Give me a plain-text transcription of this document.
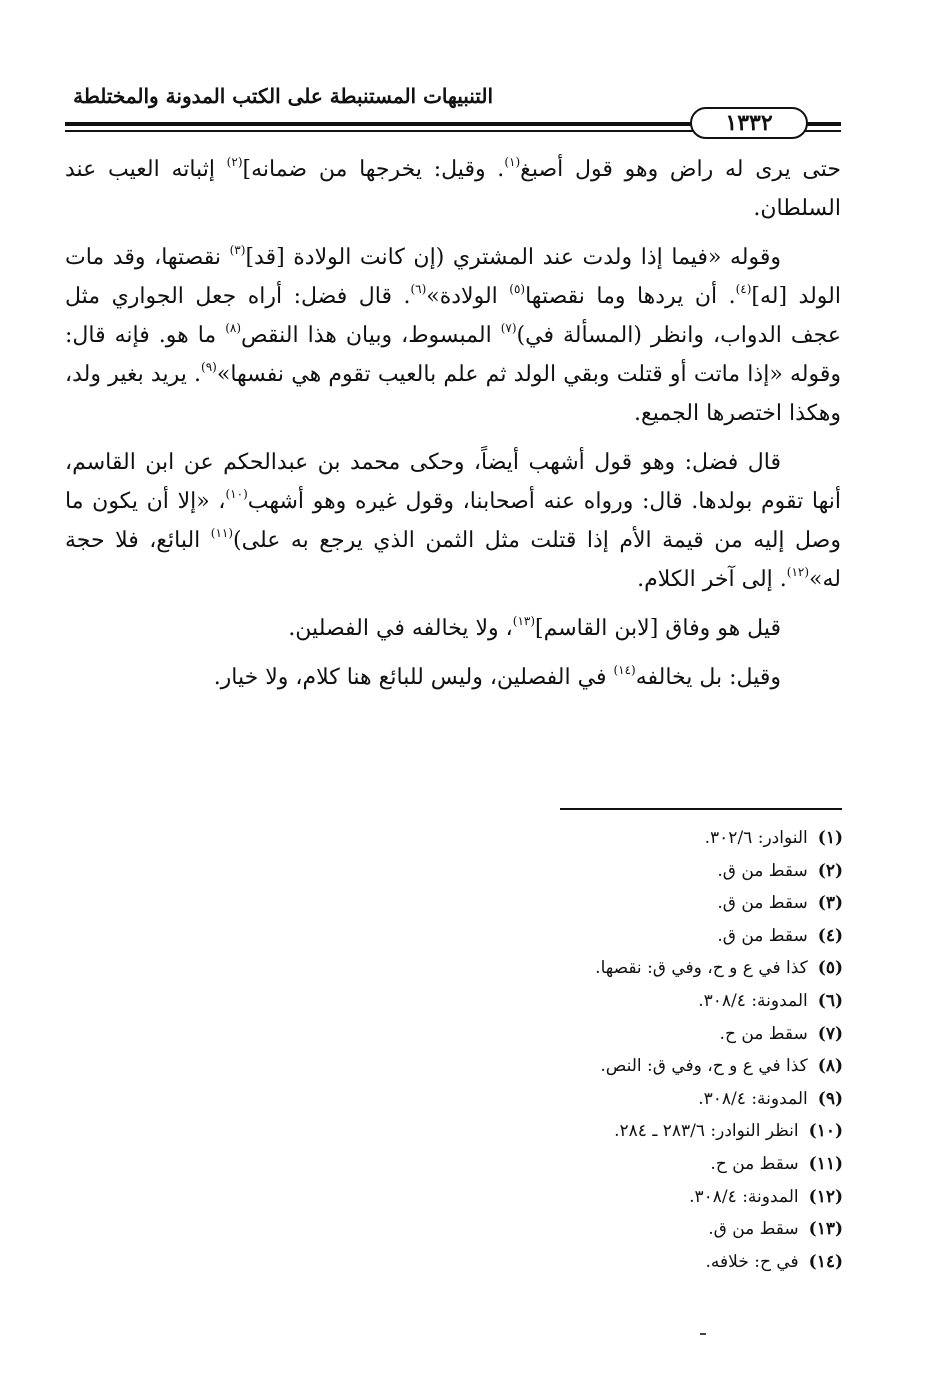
التنبيهات المستنبطة على الكتب المدونة والمختلطة
١٣٣٢

حتى يرى له راض وهو قول أصبغ$^{(١)}$. وقيل: يخرجها من ضمانه]$^{(٢)}$ إثباته العيب عند السلطان.

وقوله «فيما إذا ولدت عند المشتري (إن كانت الولادة [قد]$^{(٣)}$ نقصتها، وقد مات الولد [له]$^{(٤)}$. أن يردها وما نقصتها$^{(٥)}$ الولادة»$^{(٦)}$. قال فضل: أراه جعل الجواري مثل عجف الدواب، وانظر (المسألة في)$^{(٧)}$ المبسوط، وبيان هذا النقص$^{(٨)}$ ما هو. فإنه قال: وقوله «إذا ماتت أو قتلت وبقي الولد ثم علم بالعيب تقوم هي نفسها»$^{(٩)}$. يريد بغير ولد، وهكذا اختصرها الجميع.

قال فضل: وهو قول أشهب أيضاً، وحكى محمد بن عبدالحكم عن ابن القاسم، أنها تقوم بولدها. قال: ورواه عنه أصحابنا، وقول غيره وهو أشهب$^{(١٠)}$، «إلا أن يكون ما وصل إليه من قيمة الأم إذا قتلت مثل الثمن الذي يرجع به على)$^{(١١)}$ البائع، فلا حجة له»$^{(١٢)}$. إلى آخر الكلام.

قيل هو وفاق [لابن القاسم]$^{(١٣)}$، ولا يخالفه في الفصلين.

وقيل: بل يخالفه$^{(١٤)}$ في الفصلين، وليس للبائع هنا كلام، ولا خيار.

(١)
النوادر: ٣٠٢/٦.
(٢)
سقط من ق.
(٣)
سقط من ق.
(٤)
سقط من ق.
(٥)
كذا في ع و ح، وفي ق: نقصها.
(٦)
المدونة: ٣٠٨/٤.
(٧)
سقط من ح.
(٨)
كذا في ع و ح، وفي ق: النص.
(٩)
المدونة: ٣٠٨/٤.
(١٠)
انظر النوادر: ٢٨٣/٦ ـ ٢٨٤.
(١١)
سقط من ح.
(١٢)
المدونة: ٣٠٨/٤.
(١٣)
سقط من ق.
(١٤)
في ح: خلافه.
